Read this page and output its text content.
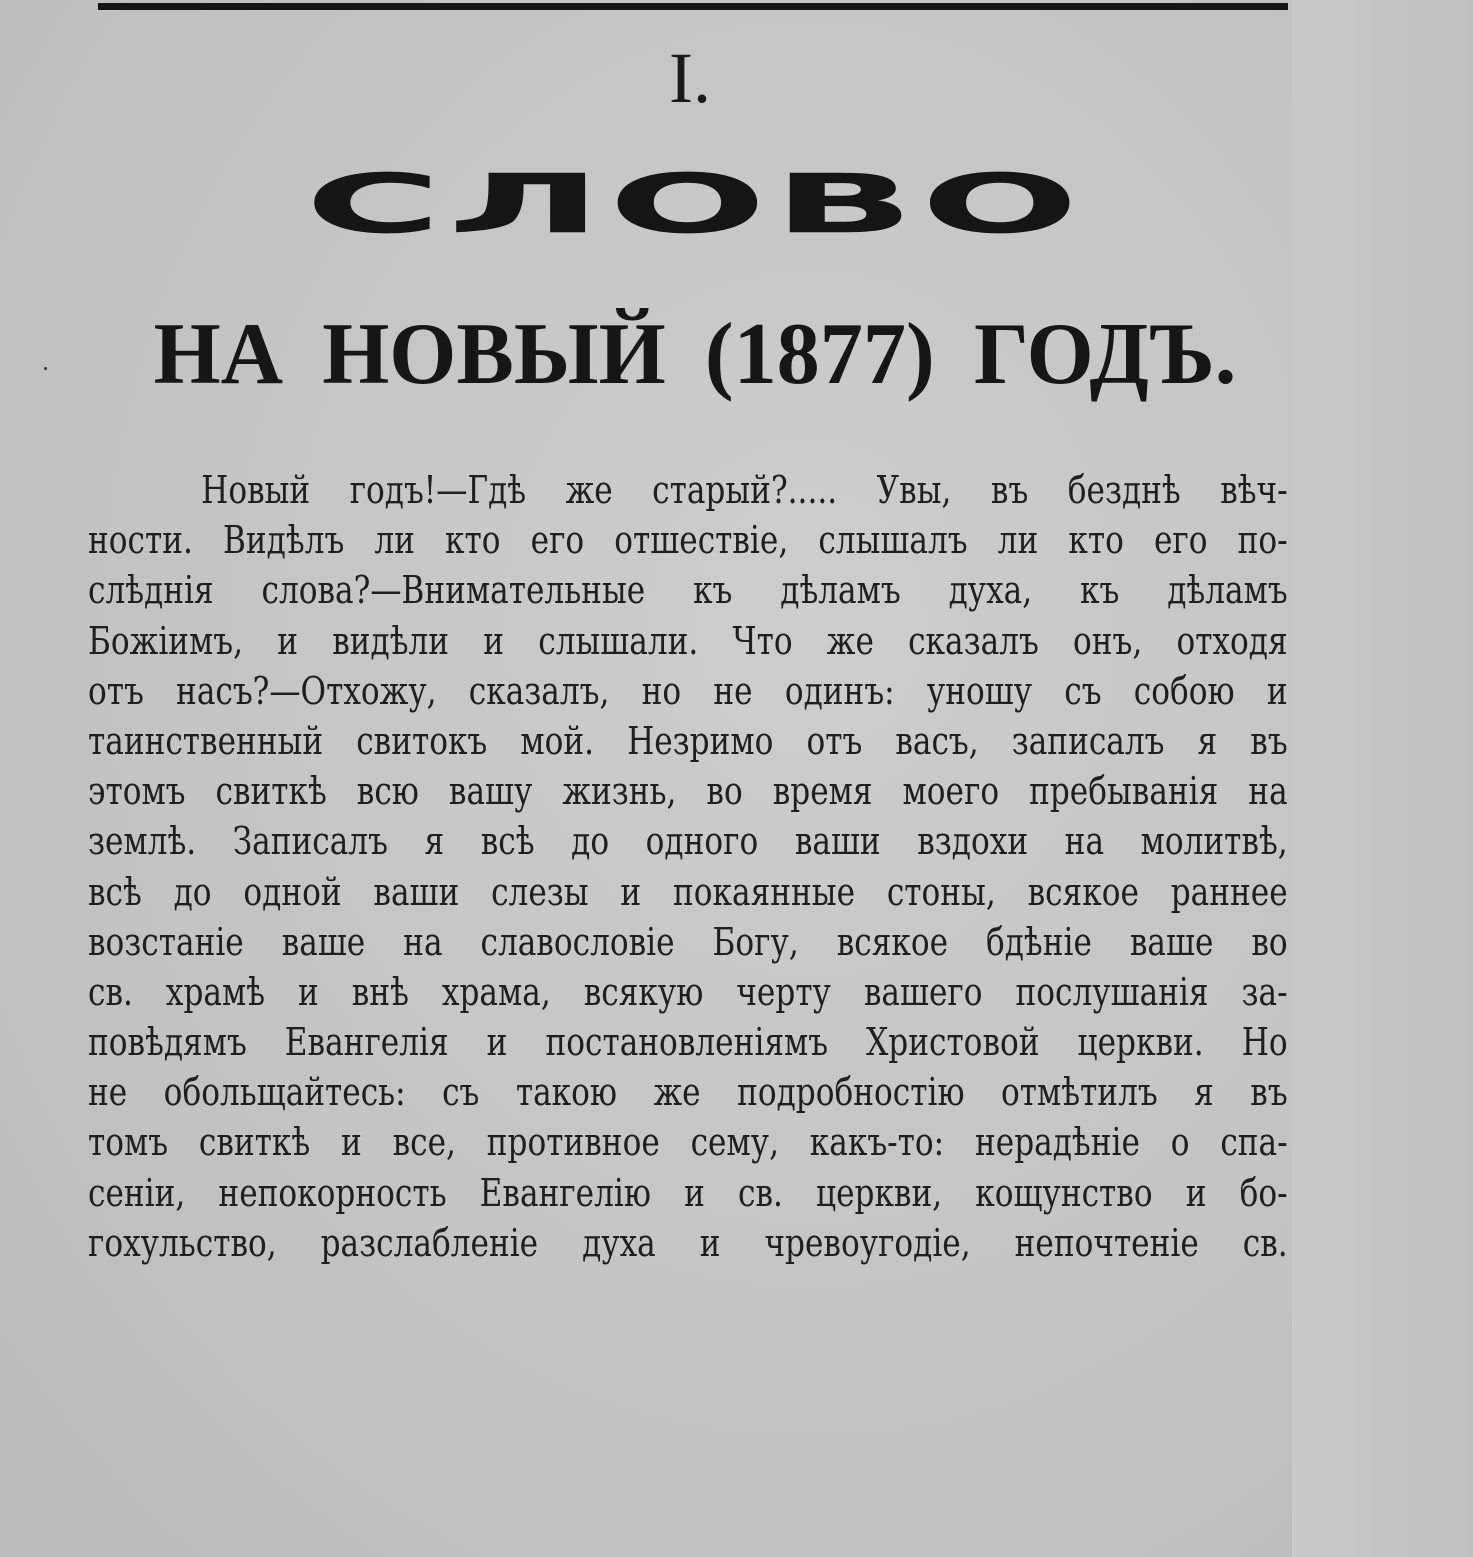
I.
СЛОВО
НА НОВЫЙ (1877) ГОДЪ.
Новый годъ!—Гдѣ же старый?..... Увы, въ безднѣ вѣч-
ности. Видѣлъ ли кто его отшествіе, слышалъ ли кто его по-
слѣднія слова?—Внимательные къ дѣламъ духа, къ дѣламъ
Божіимъ, и видѣли и слышали. Что же сказалъ онъ, отходя
отъ насъ?—Отхожу, сказалъ, но не одинъ: уношу съ собою и
таинственный свитокъ мой. Незримо отъ васъ, записалъ я въ
этомъ свиткѣ всю вашу жизнь, во время моего пребыванія на
землѣ. Записалъ я всѣ до одного ваши вздохи на молитвѣ,
всѣ до одной ваши слезы и покаянные стоны, всякое раннее
возстаніе ваше на славословіе Богу, всякое бдѣніе ваше во
св. храмѣ и внѣ храма, всякую черту вашего послушанія за-
повѣдямъ Евангелія и постановленіямъ Христовой церкви. Но
не обольщайтесь: съ такою же подробностію отмѣтилъ я въ
томъ свиткѣ и все, противное сему, какъ-то: нерадѣніе о спа-
сеніи, непокорность Евангелію и св. церкви, кощунство и бо-
гохульство, разслабленіе духа и чревоугодіе, непочтеніе св.
